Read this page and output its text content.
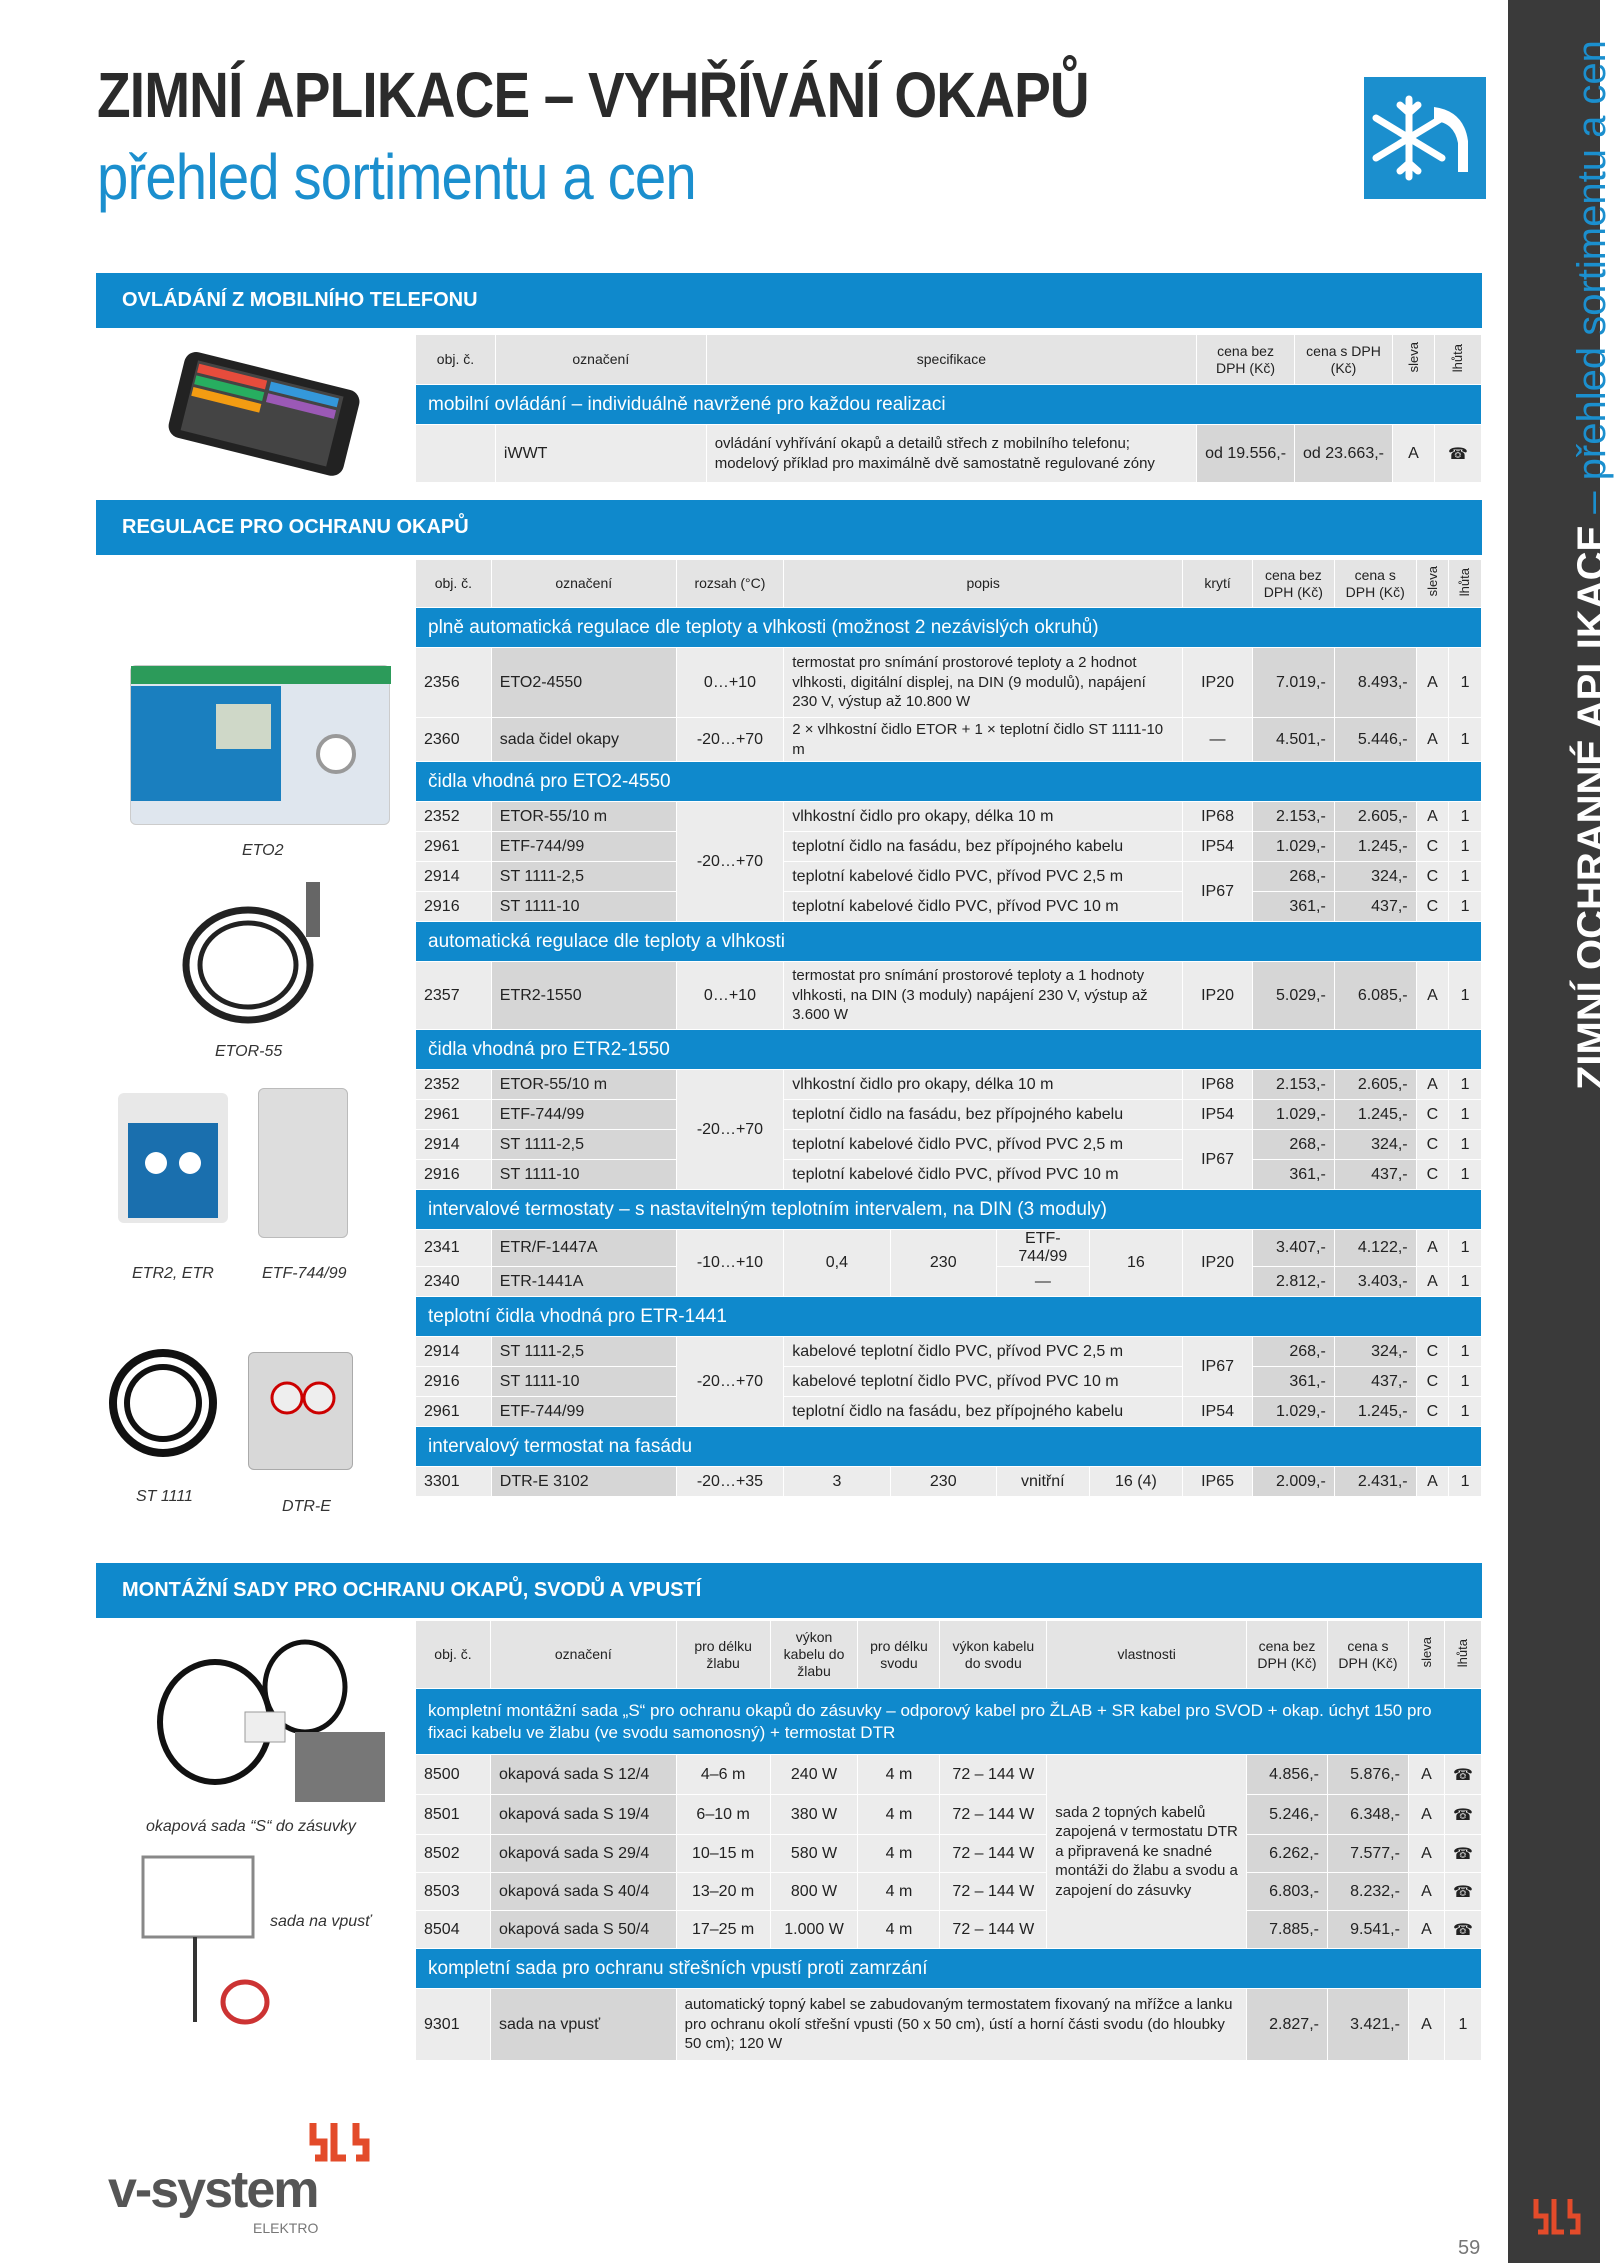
ZIMNÍ APLIKACE – VYHŘÍVÁNÍ OKAPŮ
přehled sortimentu a cen
ZIMNÍ OCHRANNÉ APLIKACE – přehled sortimentu a cen
OVLÁDÁNÍ Z MOBILNÍHO TELEFONU
obj. č.	označení	specifikace	cena bez DPH (Kč)	cena s DPH (Kč)	sleva	lhůta
mobilní ovládání – individuálně navržené pro každou realizaci						
	iWWT	ovládání vyhřívání okapů a detailů střech z mobilního telefonu; modelový příklad pro maximálně dvě samostatně regulované zóny	od 19.556,-	od 23.663,-	A	☎
REGULACE PRO OCHRANU OKAPŮ
obj. č.	označení	rozsah (°C)	popis				krytí	cena bez DPH (Kč)	cena s DPH (Kč)	sleva	lhůta
plně automatická regulace dle teploty a vlhkosti (možnost 2 nezávislých okruhů)											
2356	ETO2-4550	0…+10	termostat pro snímání prostorové teploty a 2 hodnot vlhkosti, digitální displej, na DIN (9 modulů), napájení 230 V, výstup až 10.800 W				IP20	7.019,-	8.493,-	A	1
2360	sada čidel okapy	-20…+70	2 × vlhkostní čidlo ETOR + 1 × teplotní čidlo ST 1111-10 m				—	4.501,-	5.446,-	A	1
čidla vhodná pro ETO2-4550											
2352	ETOR-55/10 m	-20…+70	vlhkostní čidlo pro okapy, délka 10 m				IP68	2.153,-	2.605,-	A	1
2961	ETF-744/99		teplotní čidlo na fasádu, bez přípojného kabelu				IP54	1.029,-	1.245,-	C	1
2914	ST 1111-2,5		teplotní kabelové čidlo PVC, přívod PVC 2,5 m				IP67	268,-	324,-	C	1
2916	ST 1111-10		teplotní kabelové čidlo PVC, přívod PVC 10 m					361,-	437,-	C	1
automatická regulace dle teploty a vlhkosti											
2357	ETR2-1550	0…+10	termostat pro snímání prostorové teploty a 1 hodnoty vlhkosti, na DIN (3 moduly) napájení 230 V, výstup až 3.600 W				IP20	5.029,-	6.085,-	A	1
čidla vhodná pro ETR2-1550											
2352	ETOR-55/10 m	-20…+70	vlhkostní čidlo pro okapy, délka 10 m				IP68	2.153,-	2.605,-	A	1
2961	ETF-744/99		teplotní čidlo na fasádu, bez přípojného kabelu				IP54	1.029,-	1.245,-	C	1
2914	ST 1111-2,5		teplotní kabelové čidlo PVC, přívod PVC 2,5 m				IP67	268,-	324,-	C	1
2916	ST 1111-10		teplotní kabelové čidlo PVC, přívod PVC 10 m					361,-	437,-	C	1
intervalové termostaty – s nastavitelným teplotním intervalem, na DIN (3 moduly)											
2341	ETR/F-1447A	-10…+10	0,4	230	ETF-744/99	16	IP20	3.407,-	4.122,-	A	1
2340	ETR-1441A				—			2.812,-	3.403,-	A	1
teplotní čidla vhodná pro ETR-1441											
2914	ST 1111-2,5	-20…+70	kabelové teplotní čidlo PVC, přívod PVC 2,5 m				IP67	268,-	324,-	C	1
2916	ST 1111-10		kabelové teplotní čidlo PVC, přívod PVC 10 m					361,-	437,-	C	1
2961	ETF-744/99		teplotní čidlo na fasádu, bez přípojného kabelu				IP54	1.029,-	1.245,-	C	1
intervalový termostat na fasádu											
3301	DTR-E 3102	-20…+35	3	230	vnitřní	16 (4)	IP65	2.009,-	2.431,-	A	1
ETO2
ETOR-55
ETR2, ETR	ETF-744/99
ST 1111
DTR-E
MONTÁŽNÍ SADY PRO OCHRANU OKAPŮ, SVODŮ A VPUSTÍ
obj. č.	označení	pro délku žlabu	výkon kabelu do žlabu	pro délku svodu	výkon kabelu do svodu	vlastnosti	cena bez DPH (Kč)	cena s DPH (Kč)	sleva	lhůta
kompletní montážní sada „S“ pro ochranu okapů do zásuvky – odporový kabel pro ŽLAB + SR kabel pro SVOD + okap. úchyt 150 pro fixaci kabelu ve žlabu (ve svodu samonosný) + termostat DTR										
8500	okapová sada S 12/4	4–6 m	240 W	4 m	72 – 144 W	sada 2 topných kabelů zapojená v termostatu DTR a připravená ke snadné montáži do žlabu a svodu a zapojení do zásuvky	4.856,-	5.876,-	A	☎
8501	okapová sada S 19/4	6–10 m	380 W	4 m	72 – 144 W		5.246,-	6.348,-	A	☎
8502	okapová sada S 29/4	10–15 m	580 W	4 m	72 – 144 W		6.262,-	7.577,-	A	☎
8503	okapová sada S 40/4	13–20 m	800 W	4 m	72 – 144 W		6.803,-	8.232,-	A	☎
8504	okapová sada S 50/4	17–25 m	1.000 W	4 m	72 – 144 W		7.885,-	9.541,-	A	☎
kompletní sada pro ochranu střešních vpustí proti zamrzání										
9301	sada na vpusť	automatický topný kabel se zabudovaným termostatem fixovaný na mřížce a lanku pro ochranu okolí střešní vpusti (50 x 50 cm), ústí a horní části svodu (do hloubky 50 cm); 120 W					2.827,-	3.421,-	A	1
okapová sada “S“ do zásuvky
sada na vpusť
v-system
ELEKTRO
59
